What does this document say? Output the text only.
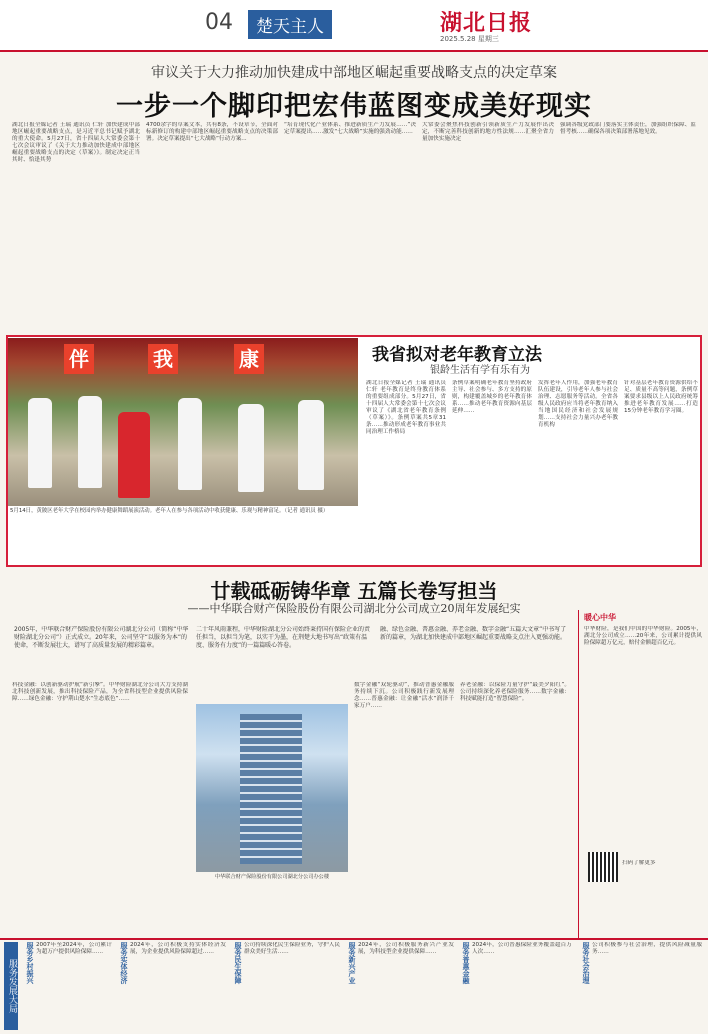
04	楚天主人	湖北日报
2025.5.28 星期三
审议关于大力推动加快建成中部地区崛起重要战略支点的决定草案
一步一个脚印把宏伟蓝图变成美好现实
湖北日报全媒记者 王瑞 通讯员 仁轩 加快建成中部地区崛起重要战略支点，是习近平总书记赋予湖北的重大使命。5月27日，省十四届人大常委会第十七次会议审议了《关于大力推动加快建成中部地区崛起重要战略支点的决定（草案）》。制定决定正当其时、恰逢其势
4700余字的草案文本，共有8条，不设章节，全面对标新修订的构建中部地区崛起重要战略支点的决策部署。决定草案提出“七大战略”行动方案...
“培育现代化产业体系、推进新质生产力发展……”决定草案提出……激发“七大战略”实施的强劲动能……
大常委会聚焦科技创新引领新质生产力发展作出决定，不断完善科技创新的地方性法规……汇聚全省力量加快实施决定
强调各级党政部门要落实主体责任，加强组织保障、监督考核……确保各项决策部署落地见效。
伴	我	康
5月14日，黄陂区老年大学在校园内举办健康舞蹈展演活动。老年人在参与各项活动中收获健康、乐观与精神富足。（记者 通讯员 摄）
我省拟对老年教育立法
银龄生活有学有乐有为
湖北日报全媒记者 王瑞 通讯员 仁轩 老年教育是终身教育体系的重要组成部分。5月27日，省十四届人大常委会第十七次会议审议了《湖北省老年教育条例（草案）》。条例草案共5章31条……推动形成老年教育事业共同治理工作格局
条例草案明确老年教育坚持政府主导、社会参与、多方支持的原则，构建覆盖城乡的老年教育体系……推动老年教育资源向基层延伸……
发挥老年人作用，加强老年教育队伍建设，引导老年人参与社会治理、志愿服务等活动。全省各级人民政府应当将老年教育纳入当地国民经济和社会发展规划……支持社会力量兴办老年教育机构
针对基层老年教育资源供给不足、质量不高等问题，条例草案要求县级以上人民政府统筹推进老年教育发展……打造15分钟老年教育学习圈。
廿载砥砺铸华章 五篇长卷写担当
——中华联合财产保险股份有限公司湖北分公司成立20周年发展纪实
2005年，中华联合财产保险股份有限公司湖北分公司（简称“中华财险湖北分公司”）正式成立。20年来，公司坚守“以服务为本”的使命，不断发展壮大，谱写了高质量发展的精彩篇章。
二十年风雨兼程，中华财险湖北分公司始终秉持国有保险企业的责任担当，以担当为笔，以实干为墨，在荆楚大地书写出“政策有温度、服务有力度”的一篇篇暖心答卷。
融、绿色金融、普惠金融、养老金融、数字金融“五篇大文章”中书写了新的篇章，为湖北加快建成中部地区崛起重要战略支点注入更强动能。
科技金融：以创新驱动护航“新引擎”。中华财险湖北分公司大力支持湖北科技创新发展，推出科技保险产品，为全省科技型企业提供风险保障……绿色金融：守护荆山楚水“生态底色”……
中华联合财产保险股份有限公司湖北分公司办公楼
数字金融“双轮驱动”，推动普惠金融服务持续下沉。公司积极践行新发展理念……普惠金融：让金融“活水”润泽千家万户……
养老金融：以保险力量守护“最美夕阳红”。公司持续深化养老保险服务……数字金融：科技赋能打造“智慧保险”。
暖心中华
中华财险，是我们中国的中华财险。2005年，湖北分公司成立……20年来，公司累计提供风险保障超万亿元，赔付金额超百亿元。
扫码了解更多
服务发展大局	服务乡村振兴 2007年至2024年，公司累计为超万户提供风险保障……	服务实体经济 2024年，公司积极支持实体经济发展，为企业提供风险保障超过……	服务民生保障 公司持续深化民生保险业务，守护人民群众美好生活……	服务新兴产业 2024年，公司积极服务新兴产业发展，为科技型企业提供保障……	服务普惠金融 2024年，公司普惠保险业务覆盖超百万人次……	服务社会治理 公司积极参与社会治理，提供风险减量服务……
